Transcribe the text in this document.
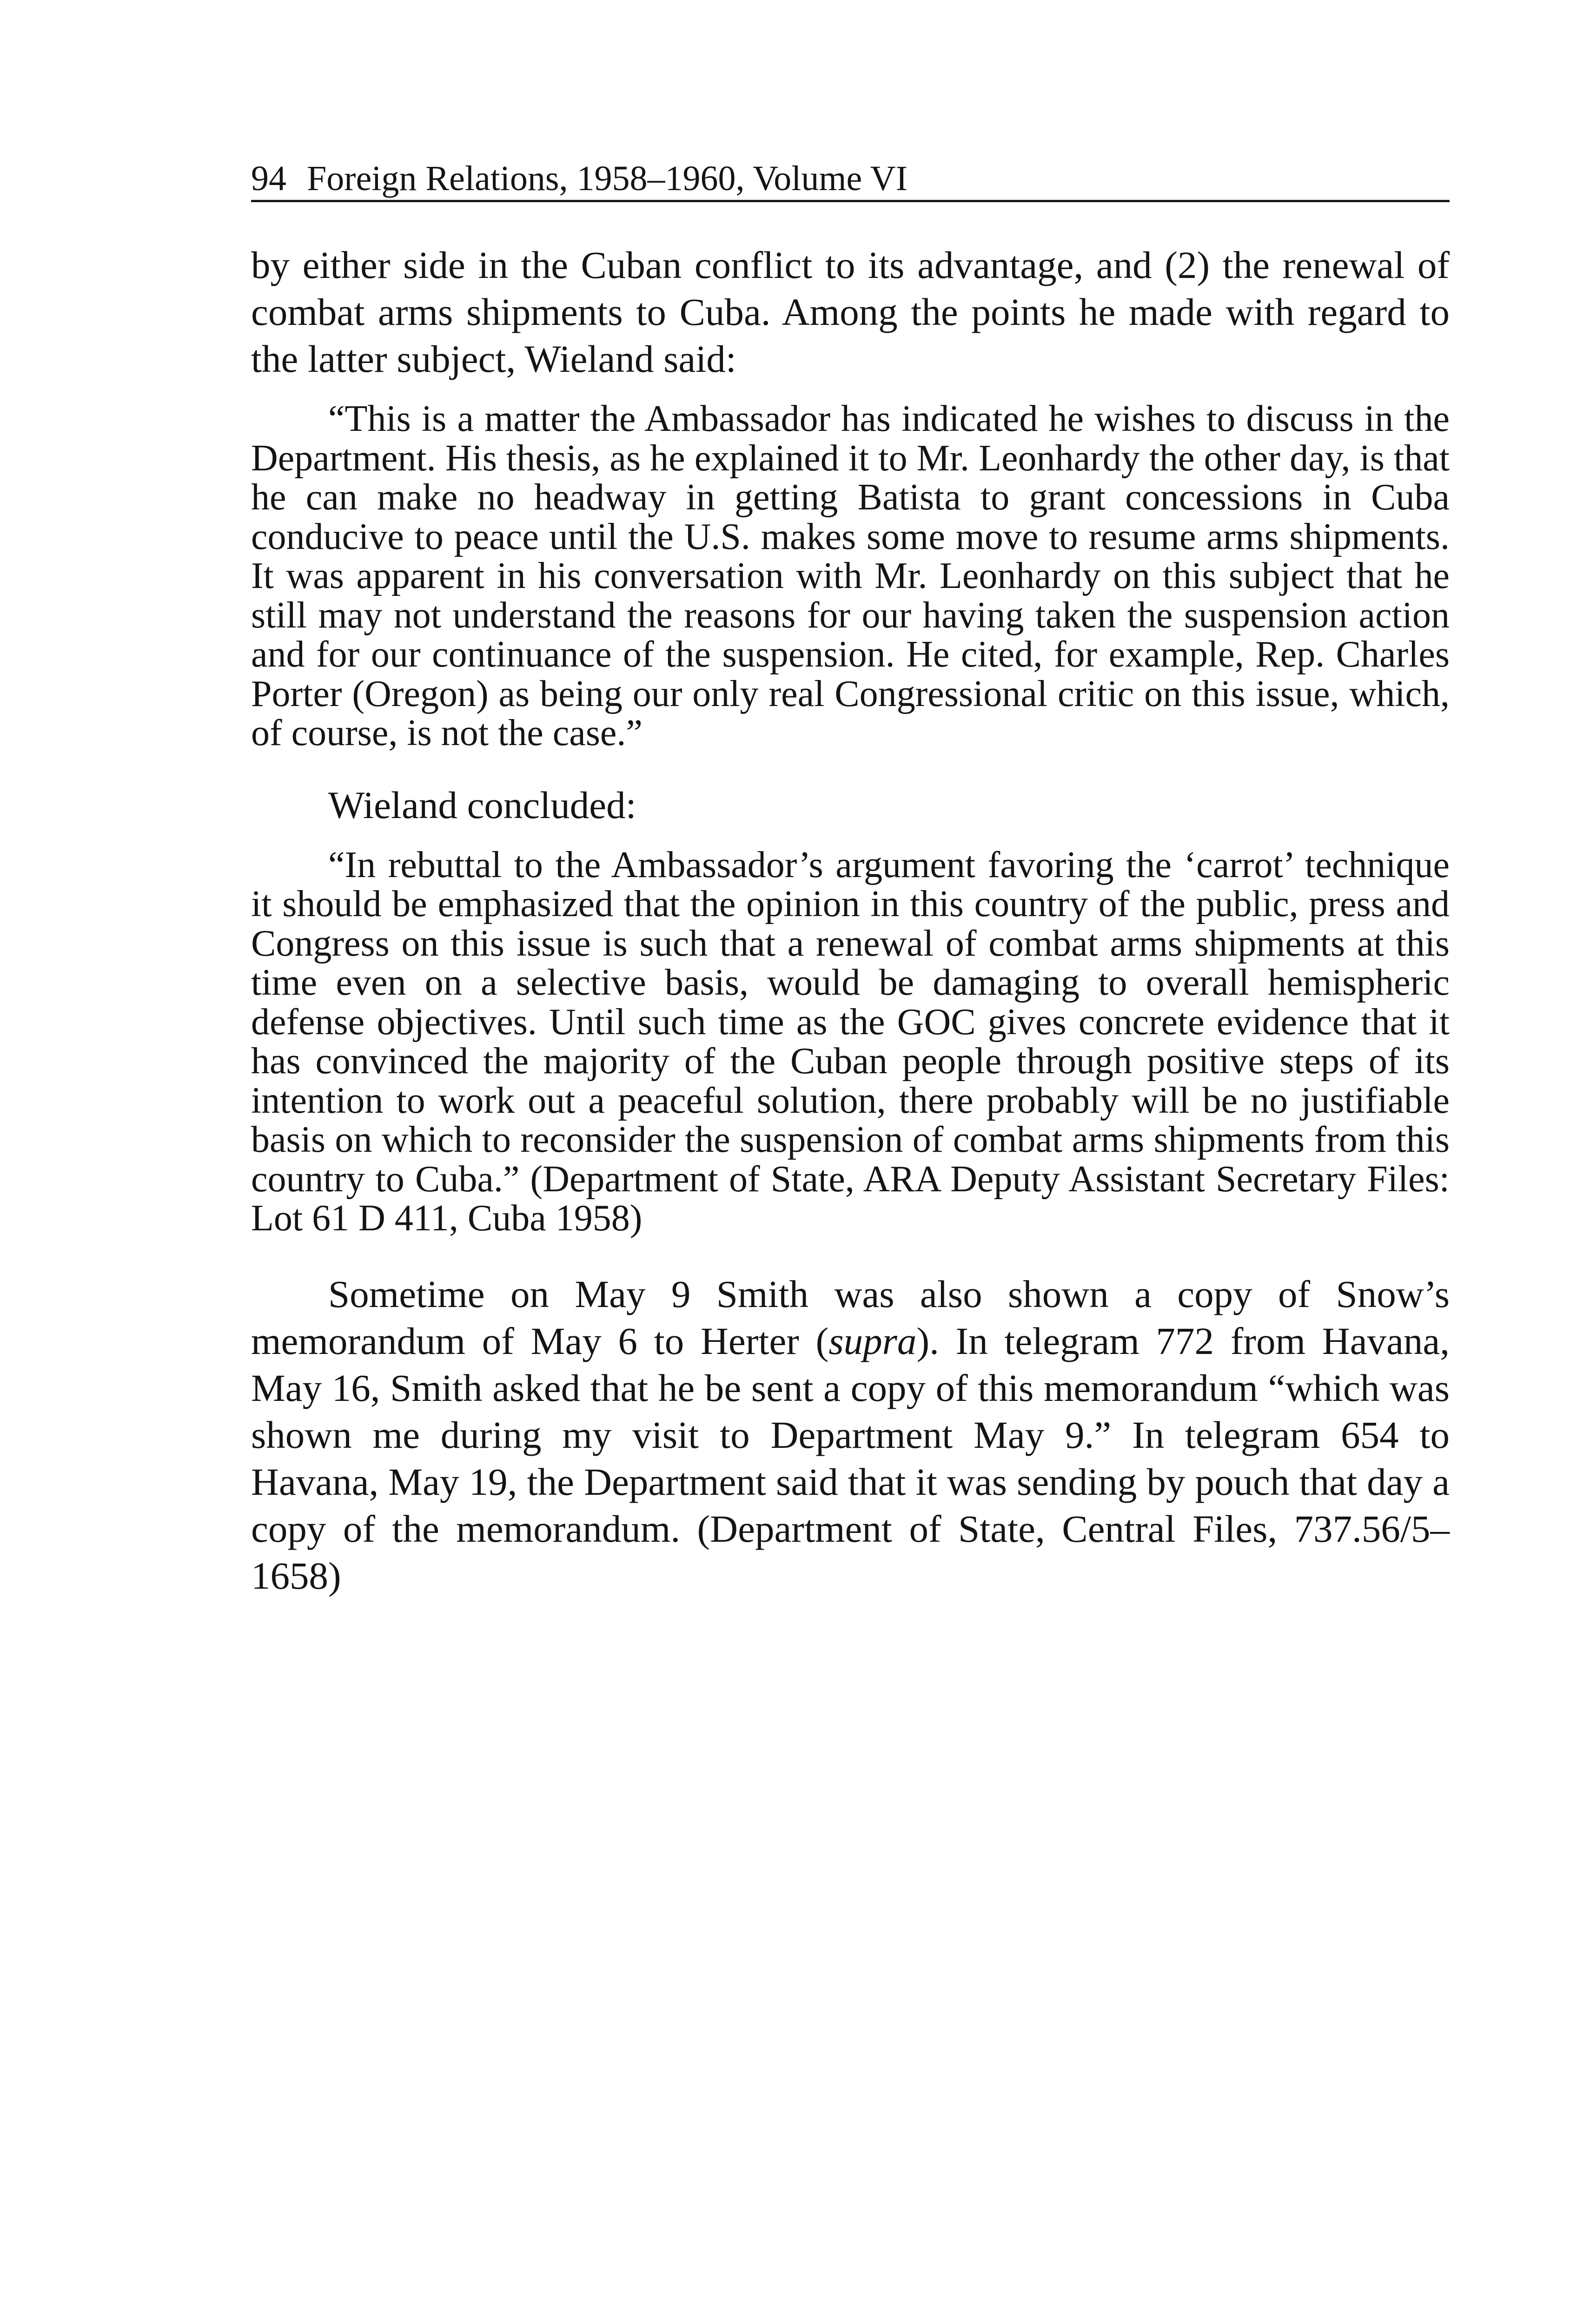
94 Foreign Relations, 1958–1960, Volume VI

by either side in the Cuban conflict to its advantage, and (2) the renewal of combat arms shipments to Cuba. Among the points he made with regard to the latter subject, Wieland said:

“This is a matter the Ambassador has indicated he wishes to discuss in the Department. His thesis, as he explained it to Mr. Leonhardy the other day, is that he can make no headway in getting Batista to grant concessions in Cuba conducive to peace until the U.S. makes some move to resume arms shipments. It was apparent in his conversation with Mr. Leonhardy on this subject that he still may not understand the reasons for our having taken the suspension action and for our continuance of the suspension. He cited, for example, Rep. Charles Porter (Oregon) as being our only real Congressional critic on this issue, which, of course, is not the case.”

Wieland concluded:

“In rebuttal to the Ambassador’s argument favoring the ‘carrot’ technique it should be emphasized that the opinion in this country of the public, press and Congress on this issue is such that a renewal of combat arms shipments at this time even on a selective basis, would be damaging to overall hemispheric defense objectives. Until such time as the GOC gives concrete evidence that it has convinced the majority of the Cuban people through positive steps of its intention to work out a peaceful solution, there probably will be no justifiable basis on which to reconsider the suspension of combat arms shipments from this country to Cuba.” (Department of State, ARA Deputy Assistant Secretary Files: Lot 61 D 411, Cuba 1958)

Sometime on May 9 Smith was also shown a copy of Snow’s memorandum of May 6 to Herter (supra). In telegram 772 from Havana, May 16, Smith asked that he be sent a copy of this memorandum “which was shown me during my visit to Department May 9.” In telegram 654 to Havana, May 19, the Department said that it was sending by pouch that day a copy of the memorandum. (Department of State, Central Files, 737.56/5–1658)
